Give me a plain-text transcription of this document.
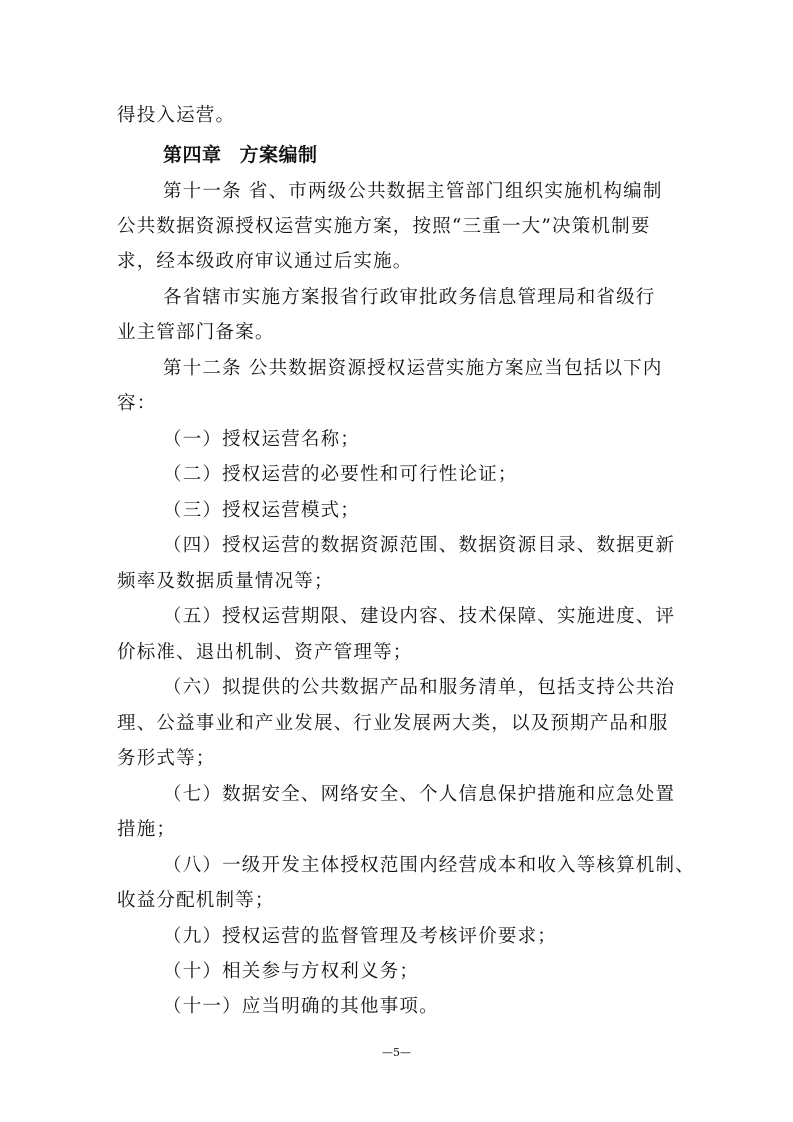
得投入运营。
第四章 方案编制
第十一条 省、市两级公共数据主管部门组织实施机构编制
公共数据资源授权运营实施方案，按照“三重一大”决策机制要
求，经本级政府审议通过后实施。
各省辖市实施方案报省行政审批政务信息管理局和省级行
业主管部门备案。
第十二条 公共数据资源授权运营实施方案应当包括以下内
容：
（一）授权运营名称；
（二）授权运营的必要性和可行性论证；
（三）授权运营模式；
（四）授权运营的数据资源范围、数据资源目录、数据更新
频率及数据质量情况等；
（五）授权运营期限、建设内容、技术保障、实施进度、评
价标准、退出机制、资产管理等；
（六）拟提供的公共数据产品和服务清单，包括支持公共治
理、公益事业和产业发展、行业发展两大类，以及预期产品和服
务形式等；
（七）数据安全、网络安全、个人信息保护措施和应急处置
措施；
（八）一级开发主体授权范围内经营成本和收入等核算机制、
收益分配机制等；
（九）授权运营的监督管理及考核评价要求；
（十）相关参与方权利义务；
（十一）应当明确的其他事项。
—5—
